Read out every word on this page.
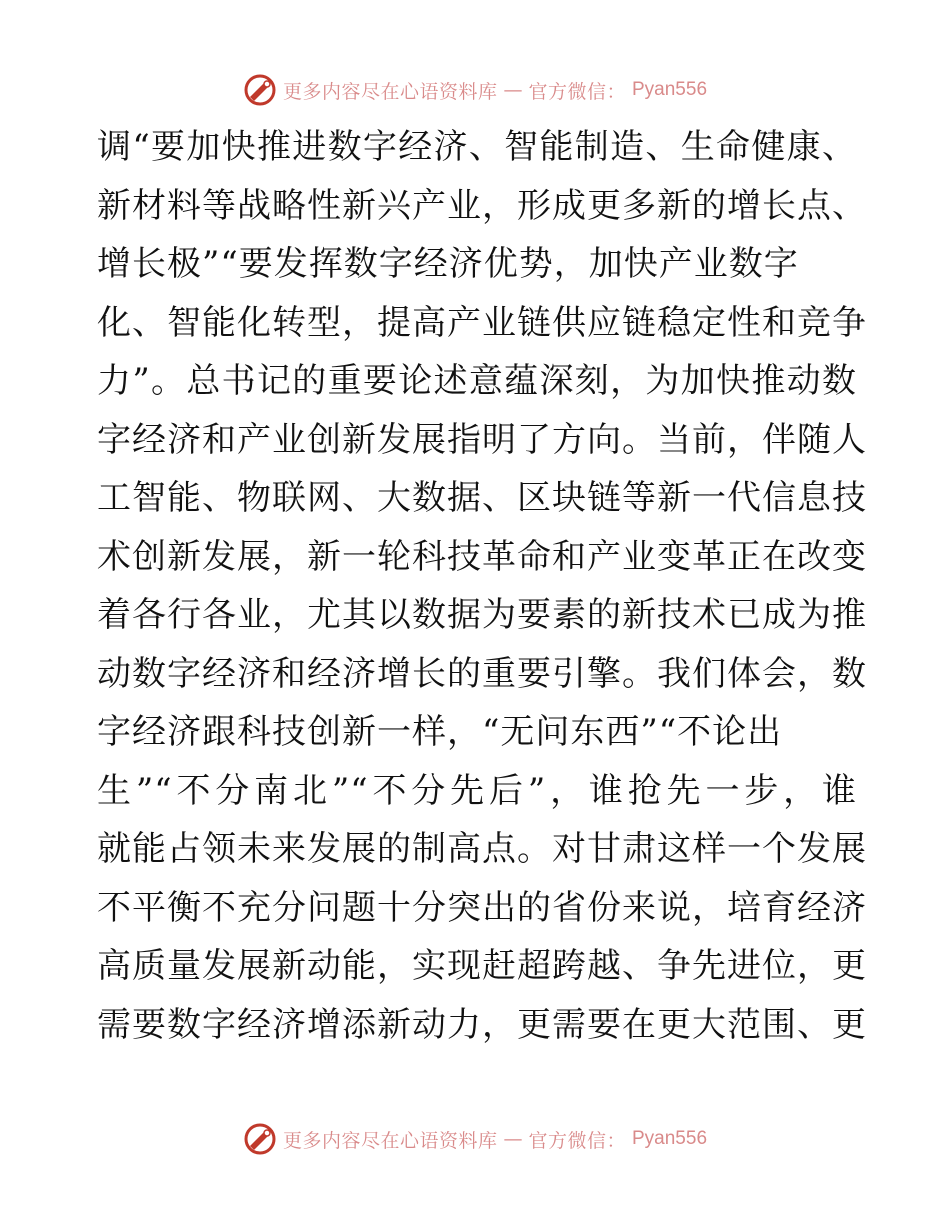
更多内容尽在心语资料库 — 官方微信： Pyan556
调“要加快推进数字经济、智能制造、生命健康、
新材料等战略性新兴产业，形成更多新的增长点、
增长极”“要发挥数字经济优势，加快产业数字
化、智能化转型，提高产业链供应链稳定性和竞争
力”。总书记的重要论述意蕴深刻，为加快推动数
字经济和产业创新发展指明了方向。当前，伴随人
工智能、物联网、大数据、区块链等新一代信息技
术创新发展，新一轮科技革命和产业变革正在改变
着各行各业，尤其以数据为要素的新技术已成为推
动数字经济和经济增长的重要引擎。我们体会，数
字经济跟科技创新一样，“无问东西”“不论出
生”“不分南北”“不分先后”，谁抢先一步，谁
就能占领未来发展的制高点。对甘肃这样一个发展
不平衡不充分问题十分突出的省份来说，培育经济
高质量发展新动能，实现赶超跨越、争先进位，更
需要数字经济增添新动力，更需要在更大范围、更
更多内容尽在心语资料库 — 官方微信： Pyan556
